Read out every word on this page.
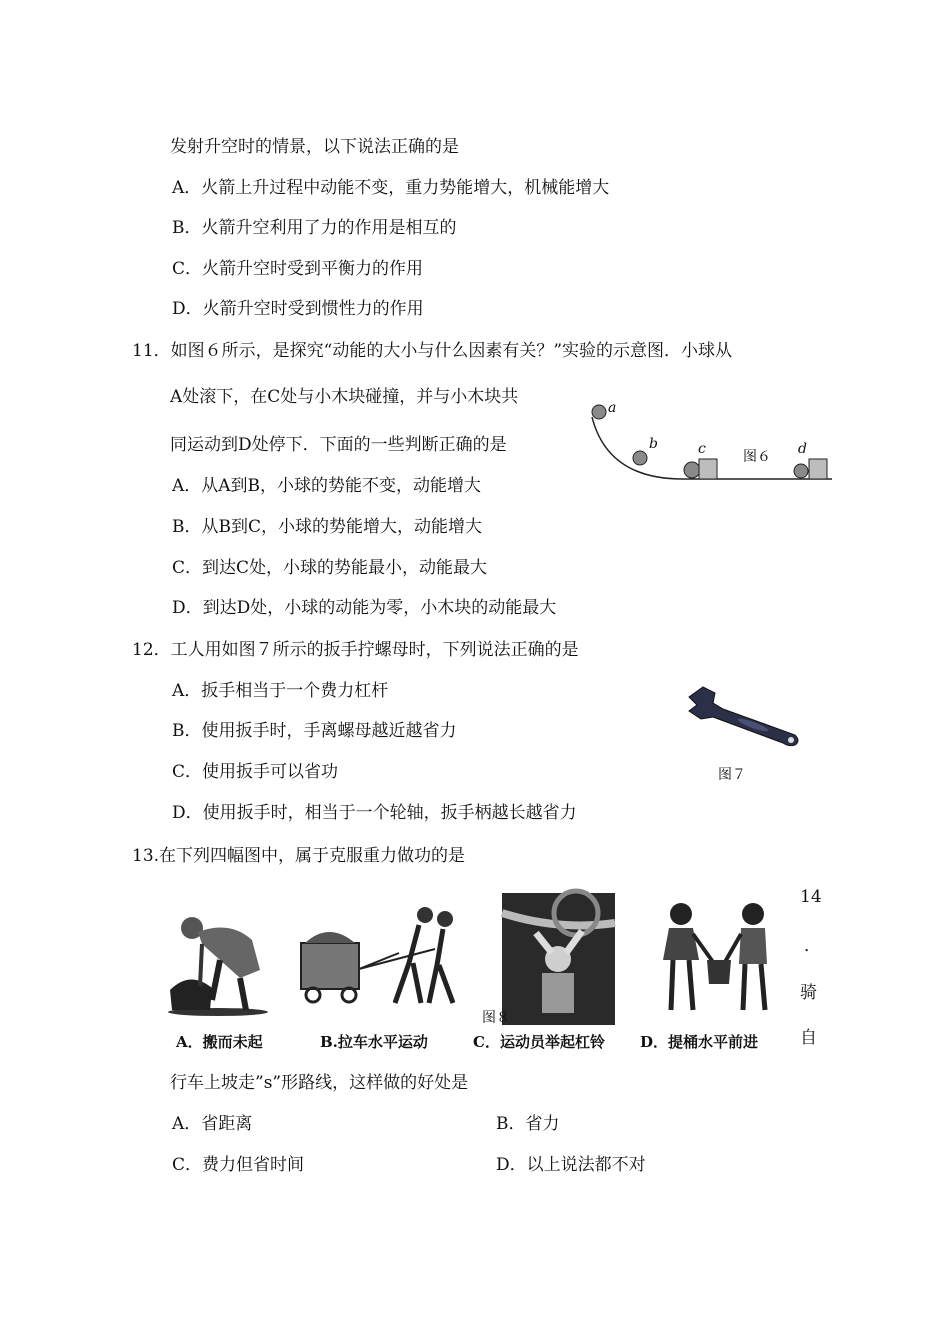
发射升空时的情景，以下说法正确的是
A．火箭上升过程中动能不变，重力势能增大，机械能增大
B．火箭升空利用了力的作用是相互的
C．火箭升空时受到平衡力的作用
D．火箭升空时受到惯性力的作用
11．如图６所示，是探究“动能的大小与什么因素有关？”实验的示意图．小球从
A处滚下，在C处与小木块碰撞，并与小木块共
同运动到D处停下．下面的一些判断正确的是
A．从A到B，小球的势能不变，动能增大
B．从B到C，小球的势能增大，动能增大
C．到达C处，小球的势能最小，动能最大
D．到达D处，小球的动能为零，小木块的动能最大
a
b	c	d
图６
12．工人用如图７所示的扳手拧螺母时，下列说法正确的是
A．扳手相当于一个费力杠杆
B．使用扳手时，手离螺母越近越省力
C．使用扳手可以省功
D．使用扳手时，相当于一个轮轴，扳手柄越长越省力
图７
13.在下列四幅图中，属于克服重力做功的是
图８
A．搬而未起	B.拉车水平运动	C．运动员举起杠铃 D．提桶水平前进
14
．
骑
自
行车上坡走”s”形路线，这样做的好处是
A．省距离	B．省力
C．费力但省时间	D．以上说法都不对
